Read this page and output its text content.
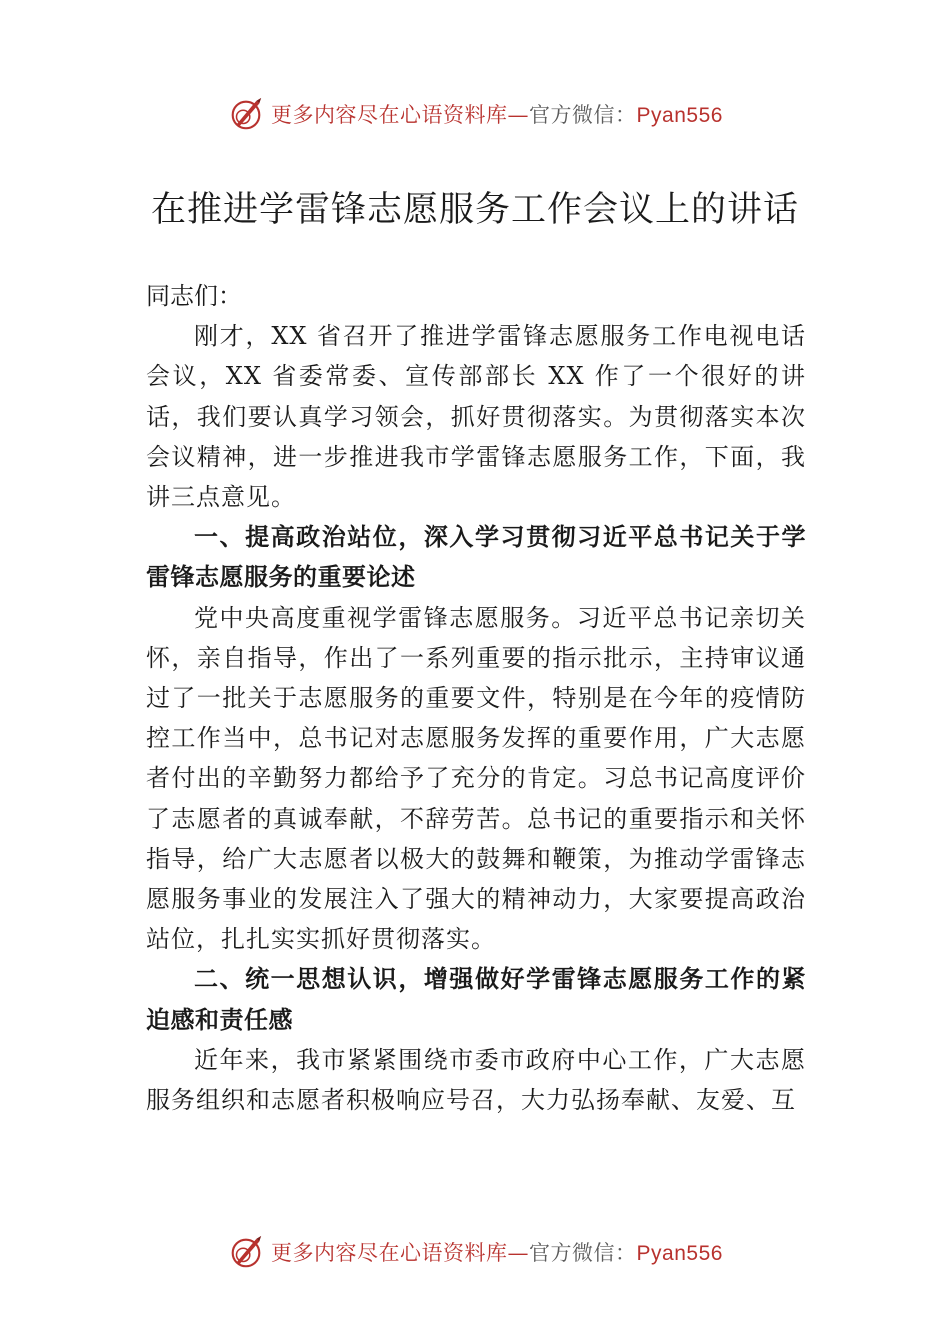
更多内容尽在心语资料库—官方微信：Pyan556
在推进学雷锋志愿服务工作会议上的讲话

同志们：

刚才，XX 省召开了推进学雷锋志愿服务工作电视电话会议，XX 省委常委、宣传部部长 XX 作了一个很好的讲话，我们要认真学习领会，抓好贯彻落实。为贯彻落实本次会议精神，进一步推进我市学雷锋志愿服务工作，下面，我讲三点意见。

一、提高政治站位，深入学习贯彻习近平总书记关于学雷锋志愿服务的重要论述

党中央高度重视学雷锋志愿服务。习近平总书记亲切关怀，亲自指导，作出了一系列重要的指示批示，主持审议通过了一批关于志愿服务的重要文件，特别是在今年的疫情防控工作当中，总书记对志愿服务发挥的重要作用，广大志愿者付出的辛勤努力都给予了充分的肯定。习总书记高度评价了志愿者的真诚奉献，不辞劳苦。总书记的重要指示和关怀指导，给广大志愿者以极大的鼓舞和鞭策，为推动学雷锋志愿服务事业的发展注入了强大的精神动力，大家要提高政治站位，扎扎实实抓好贯彻落实。

二、统一思想认识，增强做好学雷锋志愿服务工作的紧迫感和责任感

近年来，我市紧紧围绕市委市政府中心工作，广大志愿服务组织和志愿者积极响应号召，大力弘扬奉献、友爱、互

更多内容尽在心语资料库—官方微信：Pyan556
